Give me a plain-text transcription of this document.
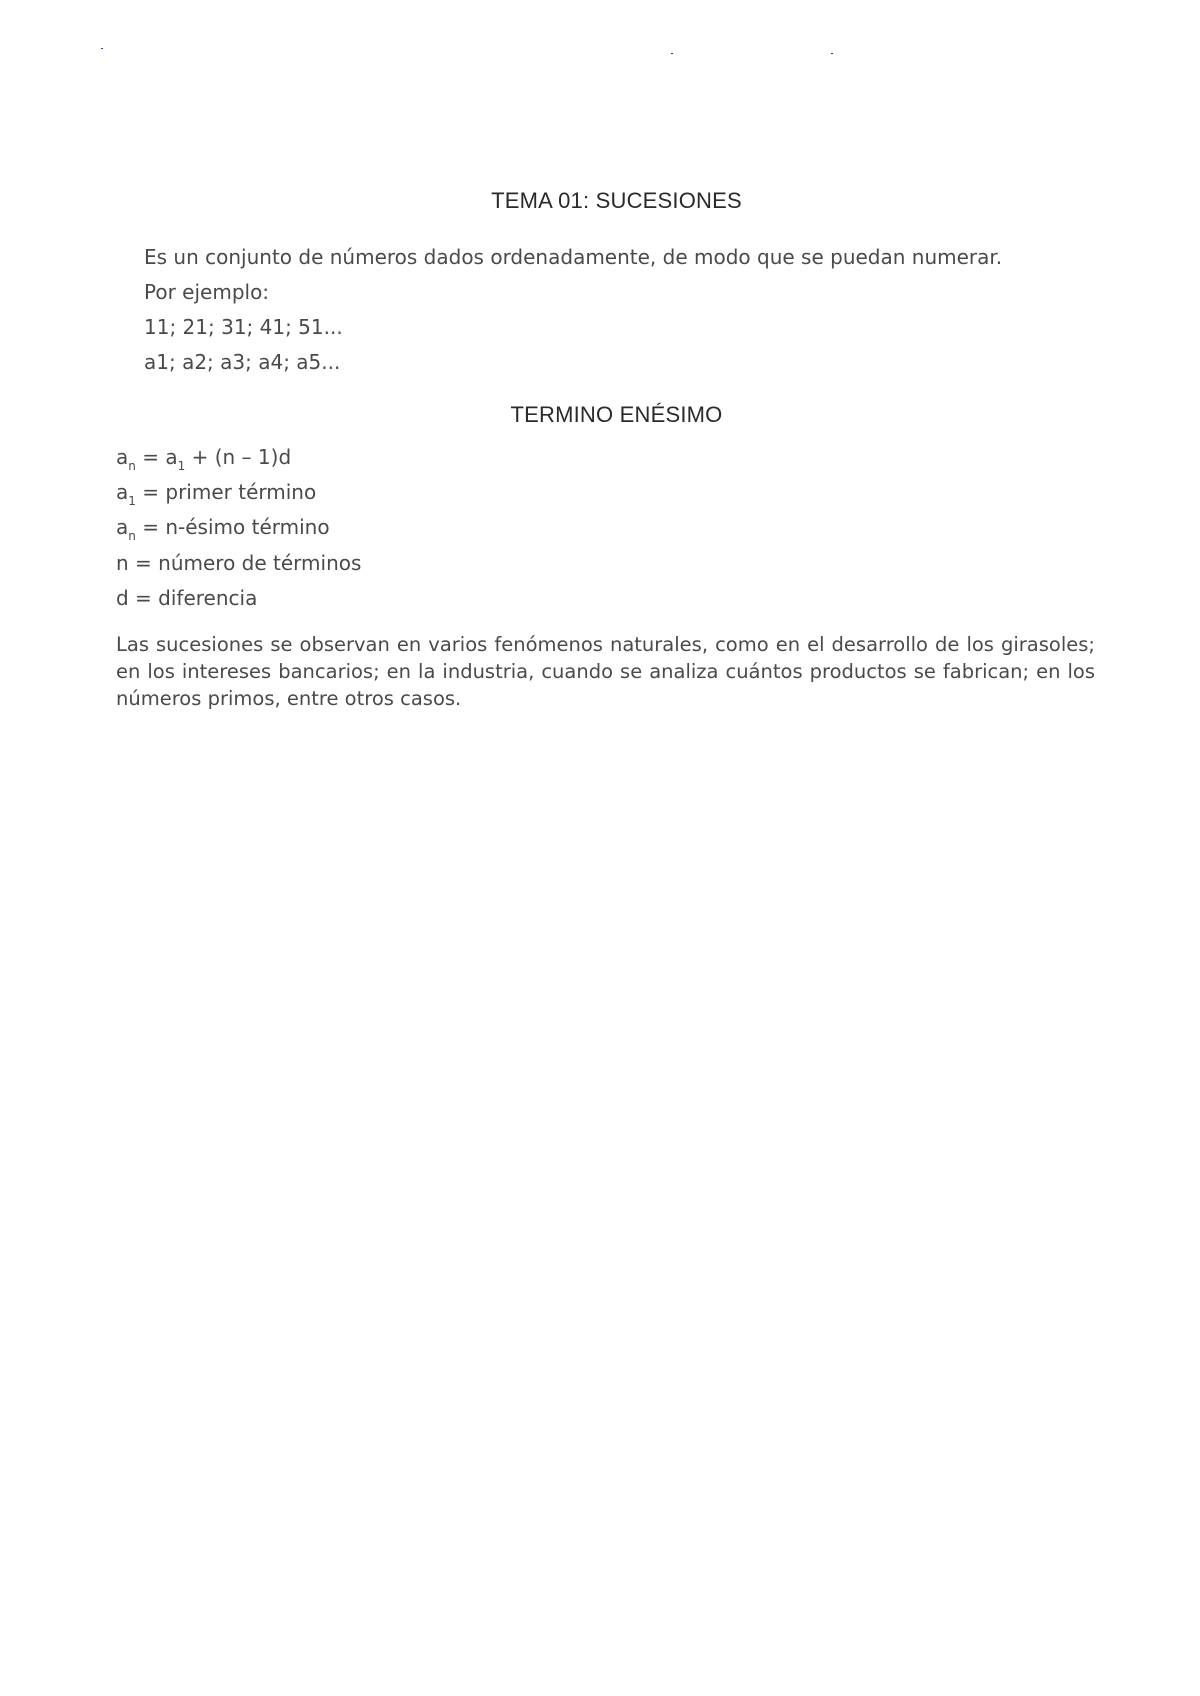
TEMA 01: SUCESIONES
Es un conjunto de números dados ordenadamente, de modo que se puedan numerar.
Por ejemplo:
11; 21; 31; 41; 51...
a1; a2; a3; a4; a5...
TERMINO ENÉSIMO
$a_n = a_1 + (n - 1)d$
$a_1$ = primer término
$a_n$ = n-ésimo término
n = número de términos
d = diferencia
Las sucesiones se observan en varios fenómenos naturales, como en el desarrollo de los girasoles; en los intereses bancarios; en la industria, cuando se analiza cuántos productos se fabrican; en los números primos, entre otros casos.
